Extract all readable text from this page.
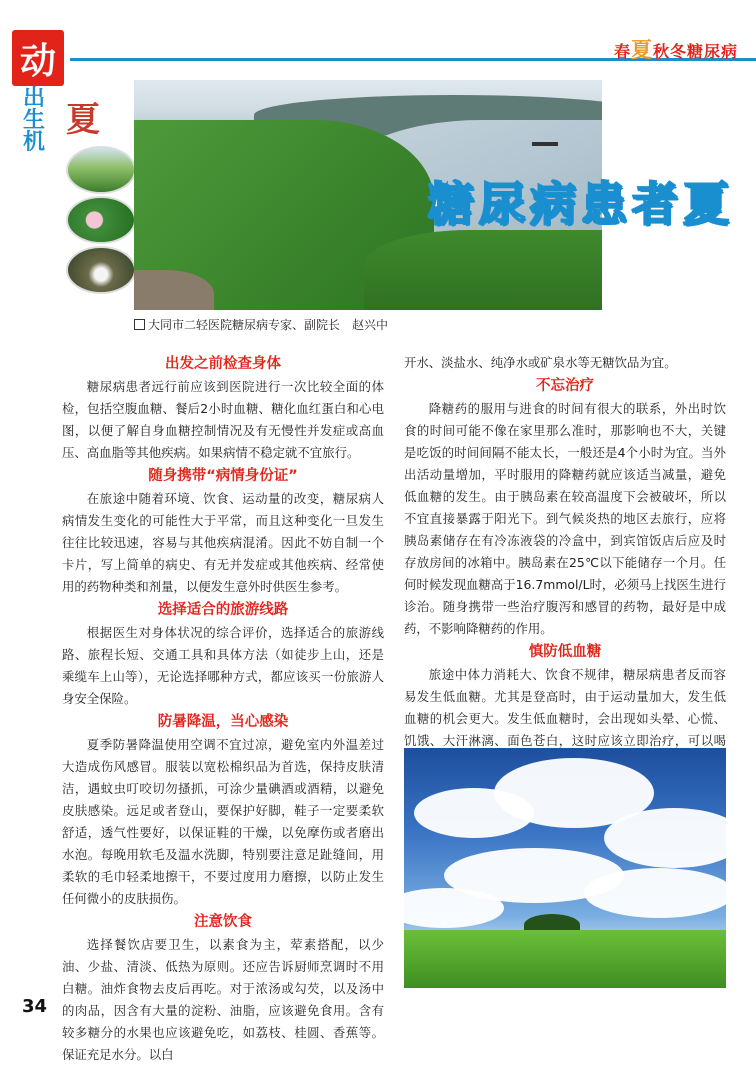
动
出生机
春夏秋冬糖尿病
夏
糖尿病患者夏
大同市二轻医院糖尿病专家、副院长　赵兴中
出发之前检查身体

糖尿病患者远行前应该到医院进行一次比较全面的体检，包括空腹血糖、餐后2小时血糖、糖化血红蛋白和心电图，以便了解自身血糖控制情况及有无慢性并发症或高血压、高血脂等其他疾病。如果病情不稳定就不宜旅行。

随身携带“病情身份证”

在旅途中随着环境、饮食、运动量的改变，糖尿病人病情发生变化的可能性大于平常，而且这种变化一旦发生往往比较迅速，容易与其他疾病混淆。因此不妨自制一个卡片，写上简单的病史、有无并发症或其他疾病、经常使用的药物种类和剂量，以便发生意外时供医生参考。

选择适合的旅游线路

根据医生对身体状况的综合评价，选择适合的旅游线路、旅程长短、交通工具和具体方法（如徒步上山，还是乘缆车上山等），无论选择哪种方式，都应该买一份旅游人身安全保险。

防暑降温，当心感染

夏季防暑降温使用空调不宜过凉，避免室内外温差过大造成伤风感冒。服装以宽松棉织品为首选，保持皮肤清洁，遇蚊虫叮咬切勿搔抓，可涂少量碘酒或酒精，以避免皮肤感染。远足或者登山，要保护好脚，鞋子一定要柔软舒适，透气性要好，以保证鞋的干燥，以免摩伤或者磨出水泡。每晚用软毛及温水洗脚，特别要注意足趾缝间，用柔软的毛巾轻柔地擦干，不要过度用力磨擦，以防止发生任何微小的皮肤损伤。

注意饮食

选择餐饮店要卫生，以素食为主，荤素搭配，以少油、少盐、清淡、低热为原则。还应告诉厨师烹调时不用白糖。油炸食物去皮后再吃。对于浓汤或勾芡，以及汤中的肉品，因含有大量的淀粉、油脂，应该避免食用。含有较多糖分的水果也应该避免吃，如荔枝、桂圆、香蕉等。保证充足水分。以白

开水、淡盐水、纯净水或矿泉水等无糖饮品为宜。

不忘治疗

降糖药的服用与进食的时间有很大的联系，外出时饮食的时间可能不像在家里那么准时，那影响也不大，关键是吃饭的时间间隔不能太长，一般还是4个小时为宜。当外出活动量增加，平时服用的降糖药就应该适当减量，避免低血糖的发生。由于胰岛素在较高温度下会被破坏，所以不宜直接暴露于阳光下。到气候炎热的地区去旅行，应将胰岛素储存在有冷冻液袋的冷盒中，到宾馆饭店后应及时存放房间的冰箱中。胰岛素在25℃以下能储存一个月。任何时候发现血糖高于16.7mmol/L时，必须马上找医生进行诊治。随身携带一些治疗腹泻和感冒的药物，最好是中成药，不影响降糖药的作用。

慎防低血糖

旅途中体力消耗大、饮食不规律，糖尿病患者反而容易发生低血糖。尤其是登高时，由于运动量加大，发生低血糖的机会更大。发生低血糖时，会出现如头晕、心慌、饥饿、大汗淋漓、面色苍白，这时应该立即治疗，可以喝

34
